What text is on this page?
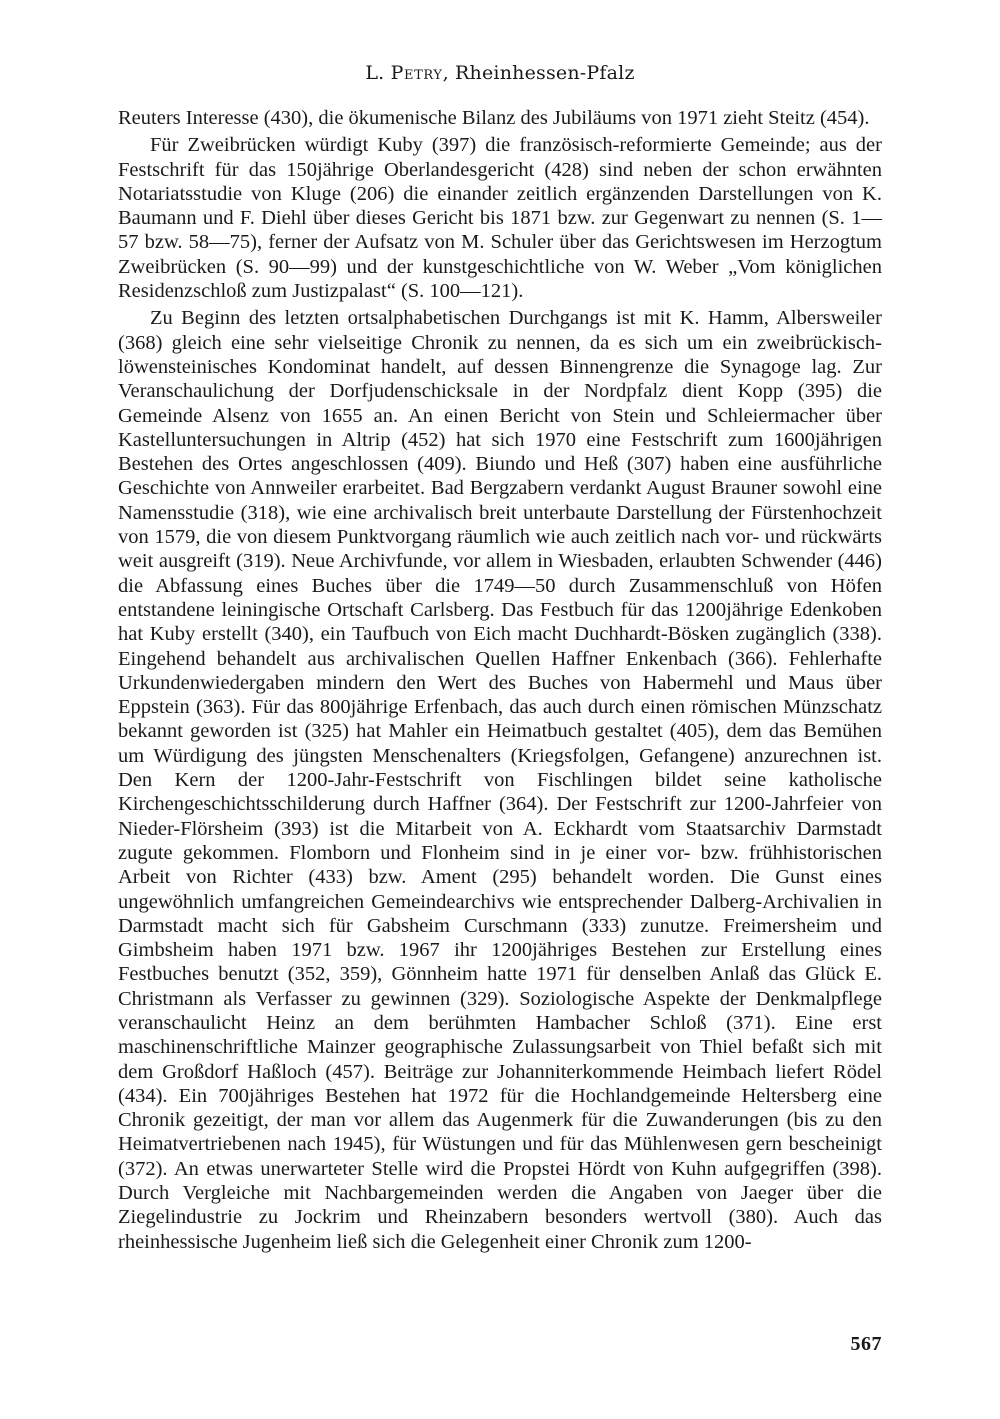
L. Petry, Rheinhessen-Pfalz

Reuters Interesse (430), die ökumenische Bilanz des Jubiläums von 1971 zieht Steitz (454).

Für Zweibrücken würdigt Kuby (397) die französisch-reformierte Gemeinde; aus der Festschrift für das 150jährige Oberlandesgericht (428) sind neben der schon erwähnten Notariatsstudie von Kluge (206) die einander zeitlich ergänzenden Darstellungen von K. Baumann und F. Diehl über dieses Gericht bis 1871 bzw. zur Gegenwart zu nennen (S. 1—57 bzw. 58—75), ferner der Aufsatz von M. Schuler über das Gerichtswesen im Herzogtum Zweibrücken (S. 90—99) und der kunstgeschichtliche von W. Weber „Vom königlichen Residenzschloß zum Justizpalast“ (S. 100—121).

Zu Beginn des letzten ortsalphabetischen Durchgangs ist mit K. Hamm, Albersweiler (368) gleich eine sehr vielseitige Chronik zu nennen, da es sich um ein zweibrückisch-löwensteinisches Kondominat handelt, auf dessen Binnengrenze die Synagoge lag. Zur Veranschaulichung der Dorfjudenschicksale in der Nordpfalz dient Kopp (395) die Gemeinde Alsenz von 1655 an. An einen Bericht von Stein und Schleiermacher über Kastelluntersuchungen in Altrip (452) hat sich 1970 eine Festschrift zum 1600jährigen Bestehen des Ortes angeschlossen (409). Biundo und Heß (307) haben eine ausführliche Geschichte von Annweiler erarbeitet. Bad Bergzabern verdankt August Brauner sowohl eine Namensstudie (318), wie eine archivalisch breit unterbaute Darstellung der Fürstenhochzeit von 1579, die von diesem Punktvorgang räumlich wie auch zeitlich nach vor- und rückwärts weit ausgreift (319). Neue Archivfunde, vor allem in Wiesbaden, erlaubten Schwender (446) die Abfassung eines Buches über die 1749—50 durch Zusammenschluß von Höfen entstandene leiningische Ortschaft Carlsberg. Das Festbuch für das 1200jährige Edenkoben hat Kuby erstellt (340), ein Taufbuch von Eich macht Duchhardt-Bösken zugänglich (338). Eingehend behandelt aus archivalischen Quellen Haffner Enkenbach (366). Fehlerhafte Urkundenwiedergaben mindern den Wert des Buches von Habermehl und Maus über Eppstein (363). Für das 800jährige Erfenbach, das auch durch einen römischen Münzschatz bekannt geworden ist (325) hat Mahler ein Heimatbuch gestaltet (405), dem das Bemühen um Würdigung des jüngsten Menschenalters (Kriegsfolgen, Gefangene) anzurechnen ist. Den Kern der 1200-Jahr-Festschrift von Fischlingen bildet seine katholische Kirchengeschichtsschilderung durch Haffner (364). Der Festschrift zur 1200-Jahrfeier von Nieder-Flörsheim (393) ist die Mitarbeit von A. Eckhardt vom Staatsarchiv Darmstadt zugute gekommen. Flomborn und Flonheim sind in je einer vor- bzw. frühhistorischen Arbeit von Richter (433) bzw. Ament (295) behandelt worden. Die Gunst eines ungewöhnlich umfangreichen Gemeindearchivs wie entsprechender Dalberg-Archivalien in Darmstadt macht sich für Gabsheim Curschmann (333) zunutze. Freimersheim und Gimbsheim haben 1971 bzw. 1967 ihr 1200jähriges Bestehen zur Erstellung eines Festbuches benutzt (352, 359), Gönnheim hatte 1971 für denselben Anlaß das Glück E. Christmann als Verfasser zu gewinnen (329). Soziologische Aspekte der Denkmalpflege veranschaulicht Heinz an dem berühmten Hambacher Schloß (371). Eine erst maschinenschriftliche Mainzer geographische Zulassungsarbeit von Thiel befaßt sich mit dem Großdorf Haßloch (457). Beiträge zur Johanniterkommende Heimbach liefert Rödel (434). Ein 700jähriges Bestehen hat 1972 für die Hochlandgemeinde Heltersberg eine Chronik gezeitigt, der man vor allem das Augenmerk für die Zuwanderungen (bis zu den Heimatvertriebenen nach 1945), für Wüstungen und für das Mühlenwesen gern bescheinigt (372). An etwas unerwarteter Stelle wird die Propstei Hördt von Kuhn aufgegriffen (398). Durch Vergleiche mit Nachbargemeinden werden die Angaben von Jaeger über die Ziegelindustrie zu Jockrim und Rheinzabern besonders wertvoll (380). Auch das rheinhessische Jugenheim ließ sich die Gelegenheit einer Chronik zum 1200-

567
